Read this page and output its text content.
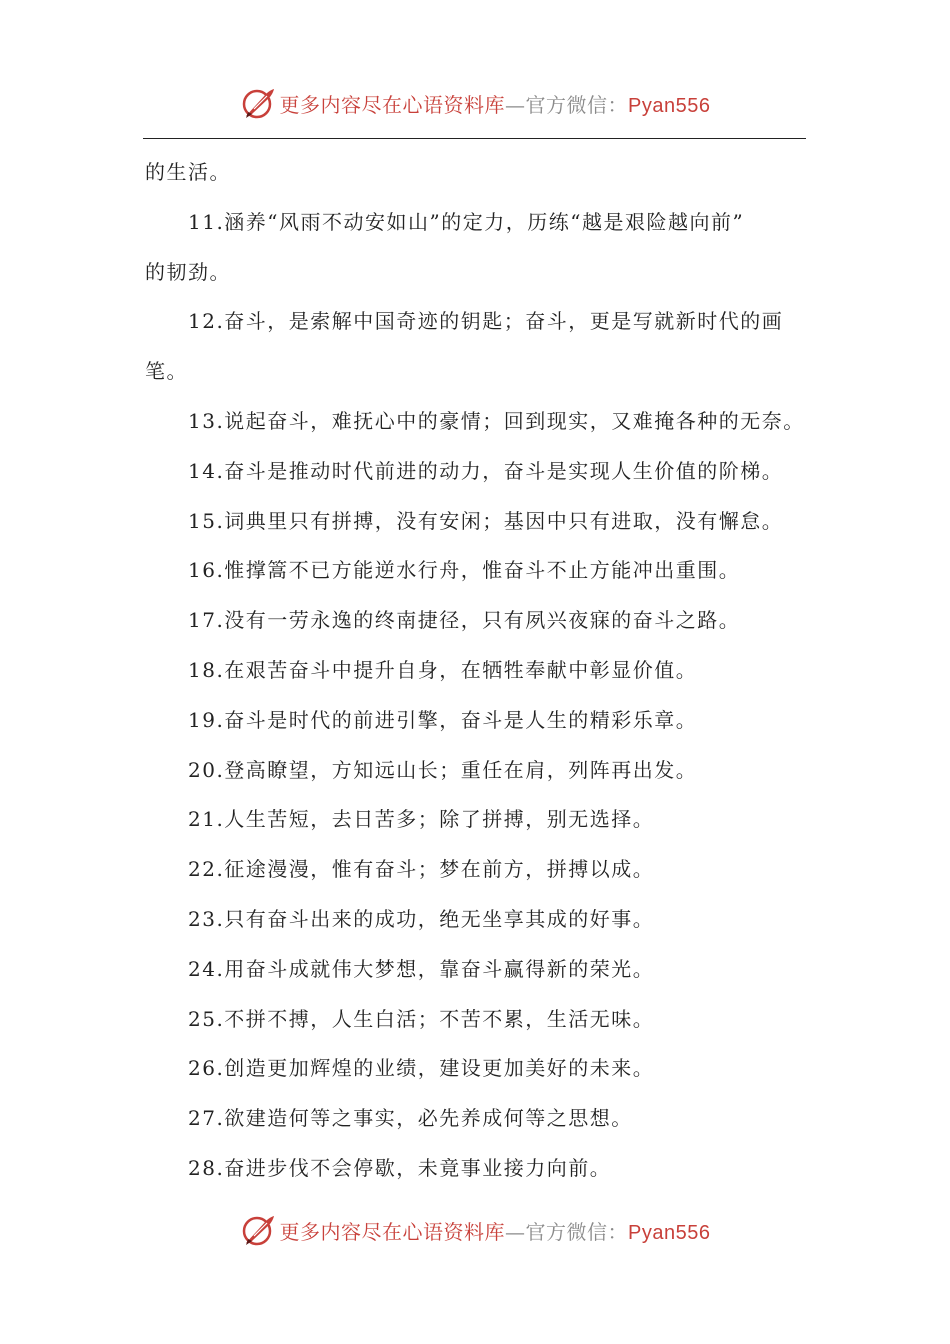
更多内容尽在心语资料库—官方微信：Pyan556
的生活。
11.涵养“风雨不动安如山”的定力，历练“越是艰险越向前”
的韧劲。
12.奋斗，是索解中国奇迹的钥匙；奋斗，更是写就新时代的画
笔。
13.说起奋斗，难抚心中的豪情；回到现实，又难掩各种的无奈。
14.奋斗是推动时代前进的动力，奋斗是实现人生价值的阶梯。
15.词典里只有拼搏，没有安闲；基因中只有进取，没有懈怠。
16.惟撑篙不已方能逆水行舟，惟奋斗不止方能冲出重围。
17.没有一劳永逸的终南捷径，只有夙兴夜寐的奋斗之路。
18.在艰苦奋斗中提升自身，在牺牲奉献中彰显价值。
19.奋斗是时代的前进引擎，奋斗是人生的精彩乐章。
20.登高瞭望，方知远山长；重任在肩，列阵再出发。
21.人生苦短，去日苦多；除了拼搏，别无选择。
22.征途漫漫，惟有奋斗；梦在前方，拼搏以成。
23.只有奋斗出来的成功，绝无坐享其成的好事。
24.用奋斗成就伟大梦想，靠奋斗赢得新的荣光。
25.不拼不搏，人生白活；不苦不累，生活无味。
26.创造更加辉煌的业绩，建设更加美好的未来。
27.欲建造何等之事实，必先养成何等之思想。
28.奋进步伐不会停歇，未竟事业接力向前。
更多内容尽在心语资料库—官方微信：Pyan556
